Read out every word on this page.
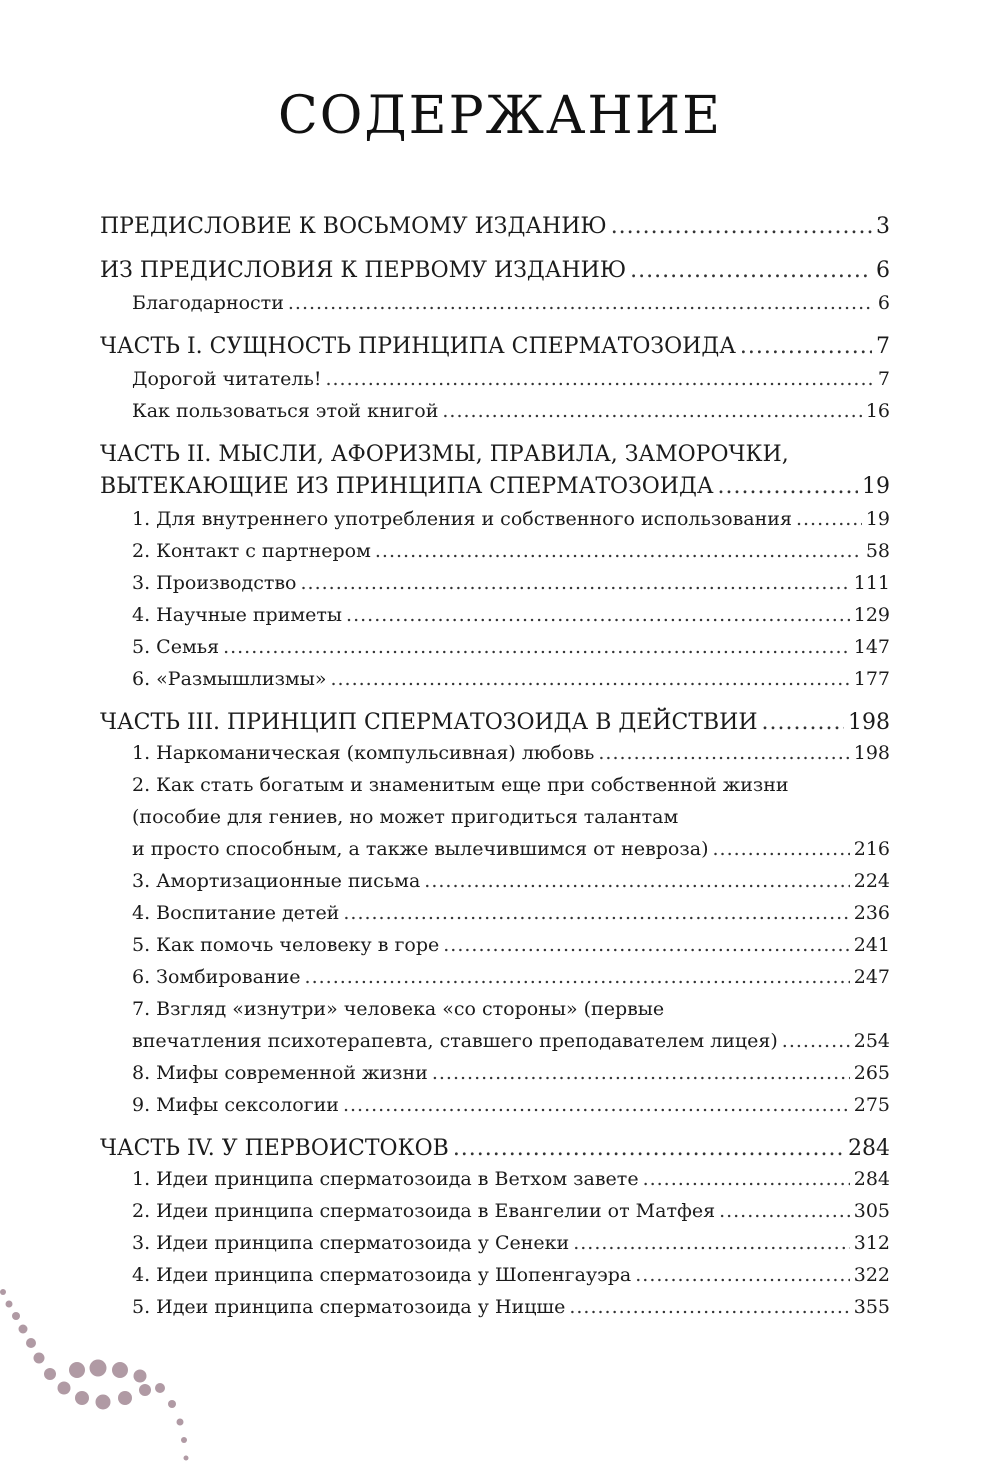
СОДЕРЖАНИЕ
ПРЕДИСЛОВИЕ К ВОСЬМОМУ ИЗДАНИЮ .....	3
ИЗ ПРЕДИСЛОВИЯ К ПЕРВОМУ ИЗДАНИЮ .....	6
Благодарности .....	6
ЧАСТЬ I. СУЩНОСТЬ ПРИНЦИПА СПЕРМАТОЗОИДА .....	7
Дорогой читатель! .....	7
Как пользоваться этой книгой .....	16
ЧАСТЬ II. МЫСЛИ, АФОРИЗМЫ, ПРАВИЛА, ЗАМОРОЧКИ,
ВЫТЕКАЮЩИЕ ИЗ ПРИНЦИПА СПЕРМАТОЗОИДА .....	19
1. Для внутреннего употребления и собственного использования .....	19
2. Контакт с партнером .....	58
3. Производство .....	111
4. Научные приметы .....	129
5. Семья .....	147
6. «Размышлизмы» .....	177
ЧАСТЬ III. ПРИНЦИП СПЕРМАТОЗОИДА В ДЕЙСТВИИ .....	198
1. Наркоманическая (компульсивная) любовь .....	198
2. Как стать богатым и знаменитым еще при собственной жизни
(пособие для гениев, но может пригодиться талантам
и просто способным, а также вылечившимся от невроза) .....	216
3. Амортизационные письма .....	224
4. Воспитание детей .....	236
5. Как помочь человеку в горе .....	241
6. Зомбирование .....	247
7. Взгляд «изнутри» человека «со стороны» (первые
впечатления психотерапевта, ставшего преподавателем лицея) .....	254
8. Мифы современной жизни .....	265
9. Мифы сексологии .....	275
ЧАСТЬ IV. У ПЕРВОИСТОКОВ .....	284
1. Идеи принципа сперматозоида в Ветхом завете .....	284
2. Идеи принципа сперматозоида в Евангелии от Матфея .....	305
3. Идеи принципа сперматозоида у Сенеки .....	312
4. Идеи принципа сперматозоида у Шопенгауэра .....	322
5. Идеи принципа сперматозоида у Ницше .....	355
